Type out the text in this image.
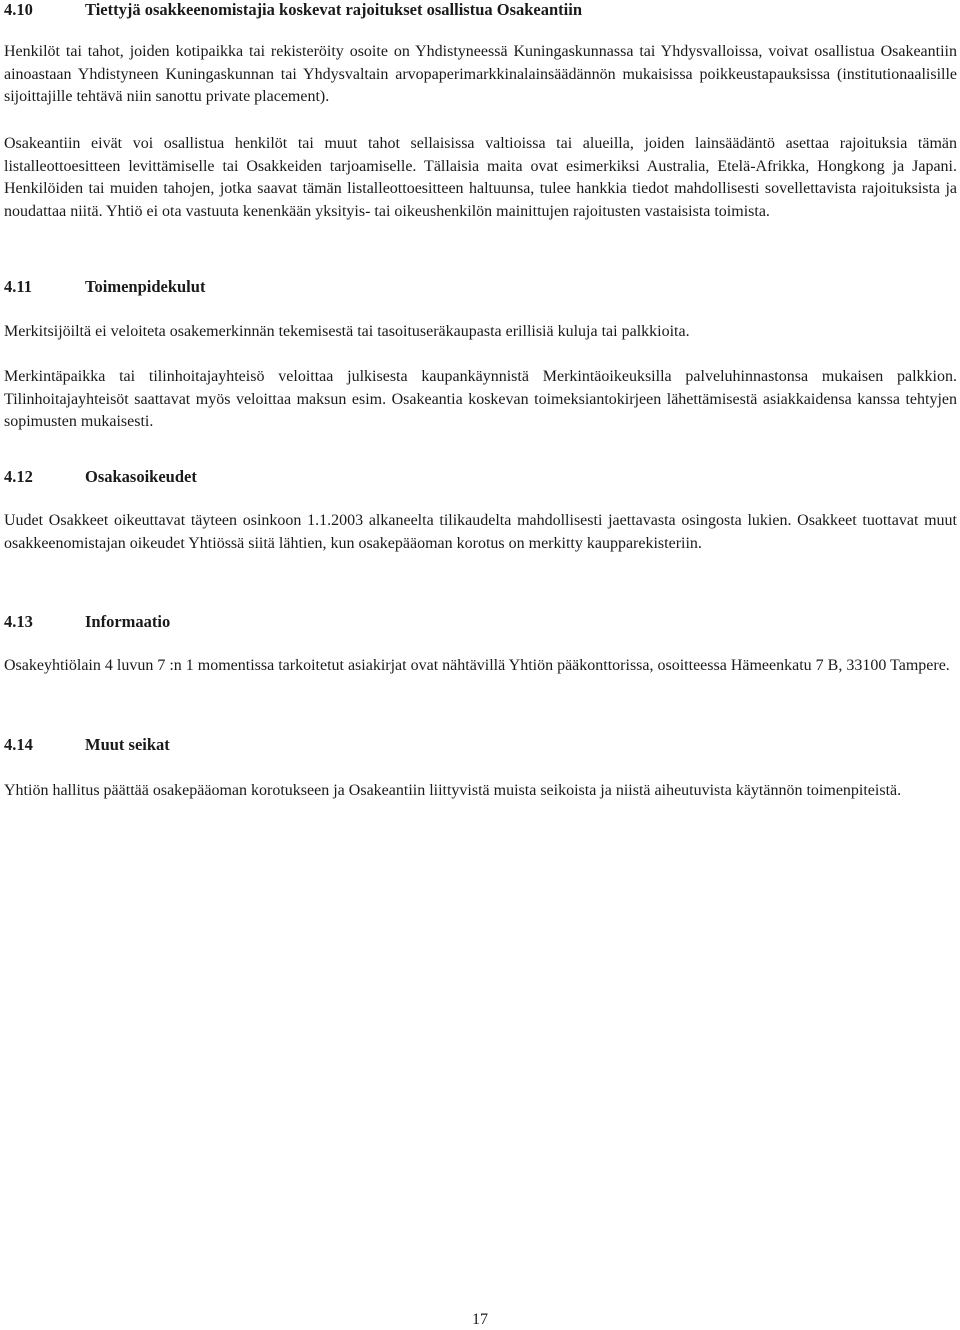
4.10	Tiettyjä osakkeenomistajia koskevat rajoitukset osallistua Osakeantiin

Henkilöt tai tahot, joiden kotipaikka tai rekisteröity osoite on Yhdistyneessä Kuningaskunnassa tai Yhdysvalloissa, voivat osallistua Osakeantiin ainoastaan Yhdistyneen Kuningaskunnan tai Yhdysvaltain arvopaperimarkkinalainsäädännön mukaisissa poikkeustapauksissa (institutionaalisille sijoittajille tehtävä niin sanottu private placement).

Osakeantiin eivät voi osallistua henkilöt tai muut tahot sellaisissa valtioissa tai alueilla, joiden lainsäädäntö asettaa rajoituksia tämän listalleottoesitteen levittämiselle tai Osakkeiden tarjoamiselle. Tällaisia maita ovat esimerkiksi Australia, Etelä-Afrikka, Hongkong ja Japani. Henkilöiden tai muiden tahojen, jotka saavat tämän listalleottoesitteen haltuunsa, tulee hankkia tiedot mahdollisesti sovellettavista rajoituksista ja noudattaa niitä. Yhtiö ei ota vastuuta kenenkään yksityis- tai oikeushenkilön mainittujen rajoitusten vastaisista toimista.

4.11	Toimenpidekulut

Merkitsijöiltä ei veloiteta osakemerkinnän tekemisestä tai tasoituseräkaupasta erillisiä kuluja tai palkkioita.

Merkintäpaikka tai tilinhoitajayhteisö veloittaa julkisesta kaupankäynnistä Merkintäoikeuksilla palveluhinnastonsa mukaisen palkkion. Tilinhoitajayhteisöt saattavat myös veloittaa maksun esim. Osakeantia koskevan toimeksiantokirjeen lähettämisestä asiakkaidensa kanssa tehtyjen sopimusten mukaisesti.

4.12	Osakasoikeudet

Uudet Osakkeet oikeuttavat täyteen osinkoon 1.1.2003 alkaneelta tilikaudelta mahdollisesti jaettavasta osingosta lukien. Osakkeet tuottavat muut osakkeenomistajan oikeudet Yhtiössä siitä lähtien, kun osakepääoman korotus on merkitty kaupparekisteriin.

4.13	Informaatio

Osakeyhtiölain 4 luvun 7 :n 1 momentissa tarkoitetut asiakirjat ovat nähtävillä Yhtiön pääkonttorissa, osoitteessa Hämeenkatu 7 B, 33100 Tampere.

4.14	Muut seikat

Yhtiön hallitus päättää osakepääoman korotukseen ja Osakeantiin liittyvistä muista seikoista ja niistä aiheutuvista käytännön toimenpiteistä.

17
